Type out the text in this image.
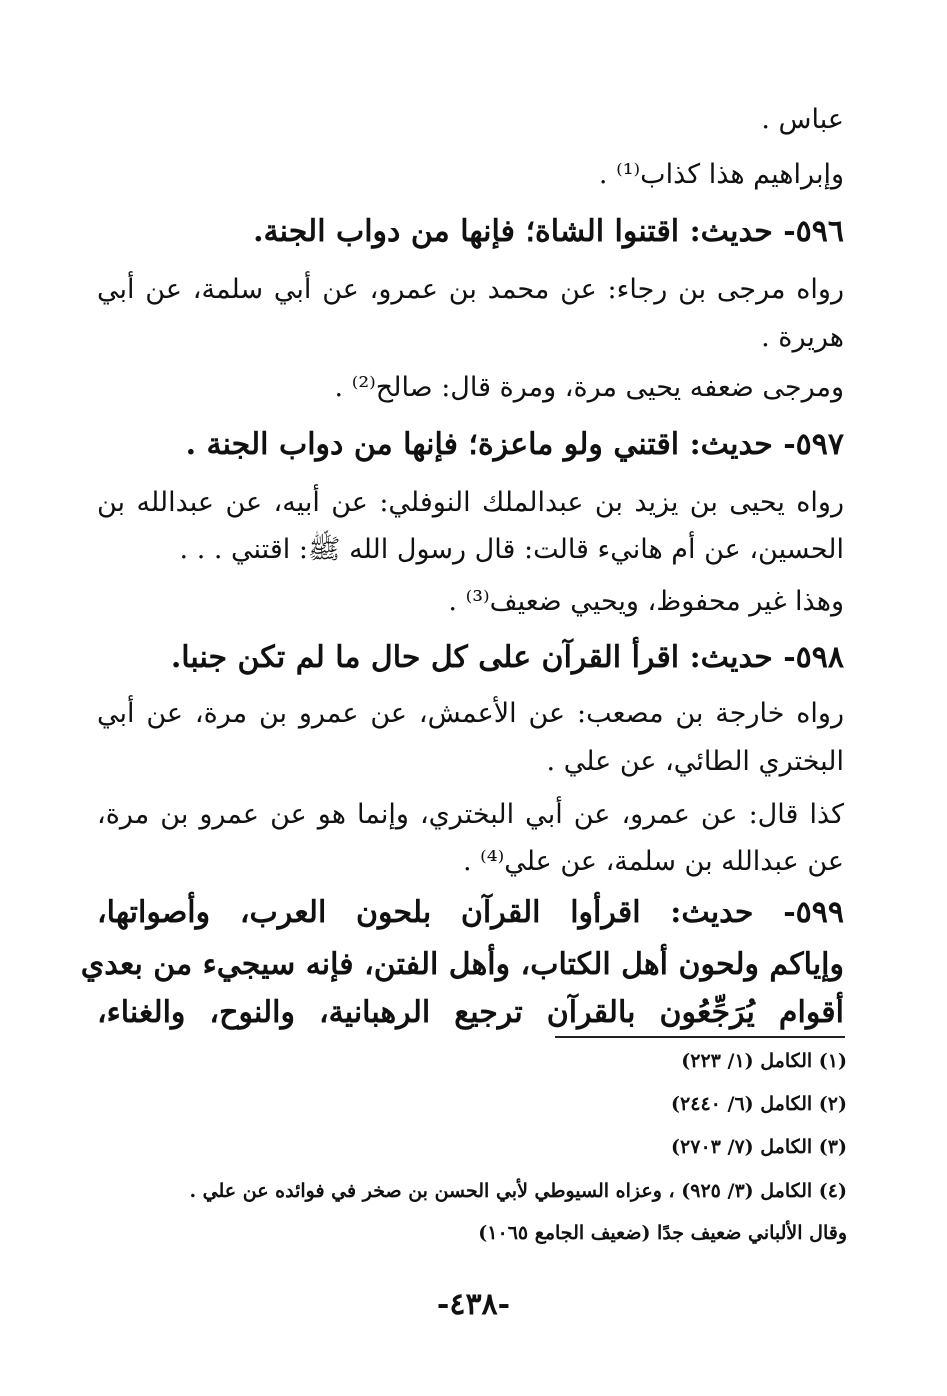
عباس .
وإبراهيم هذا كذاب⁽¹⁾ .
٥٩٦- حديث: اقتنوا الشاة؛ فإنها من دواب الجنة.
رواه مرجى بن رجاء: عن محمد بن عمرو، عن أبي سلمة، عن أبي
هريرة .
ومرجى ضعفه يحيى مرة، ومرة قال: صالح⁽²⁾ .
٥٩٧- حديث: اقتني ولو ماعزة؛ فإنها من دواب الجنة .
رواه يحيى بن يزيد بن عبدالملك النوفلي: عن أبيه، عن عبدالله بن
الحسين، عن أم هانيء قالت: قال رسول الله ﷺ: اقتني . . .
وهذا غير محفوظ، ويحيي ضعيف⁽³⁾ .
٥٩٨- حديث: اقرأ القرآن على كل حال ما لم تكن جنبا.
رواه خارجة بن مصعب: عن الأعمش، عن عمرو بن مرة، عن أبي
البختري الطائي، عن علي .
كذا قال: عن عمرو، عن أبي البختري، وإنما هو عن عمرو بن مرة،
عن عبدالله بن سلمة، عن علي⁽⁴⁾ .
٥٩٩- حديث: اقرأوا القرآن بلحون العرب، وأصواتها،
وإياكم ولحون أهل الكتاب، وأهل الفتن، فإنه سيجيء من بعدي
أقوام يُرَجِّعُون بالقرآن ترجيع الرهبانية، والنوح، والغناء،
(١) الكامل (١/ ٢٢٣)
(٢) الكامل (٦/ ٢٤٤٠)
(٣) الكامل (٧/ ٢٧٠٣)
(٤) الكامل (٣/ ٩٢٥) ، وعزاه السيوطي لأبي الحسن بن صخر في فوائده عن علي .
وقال الألباني ضعيف جدًا (ضعيف الجامع ١٠٦٥)
-٤٣٨-
